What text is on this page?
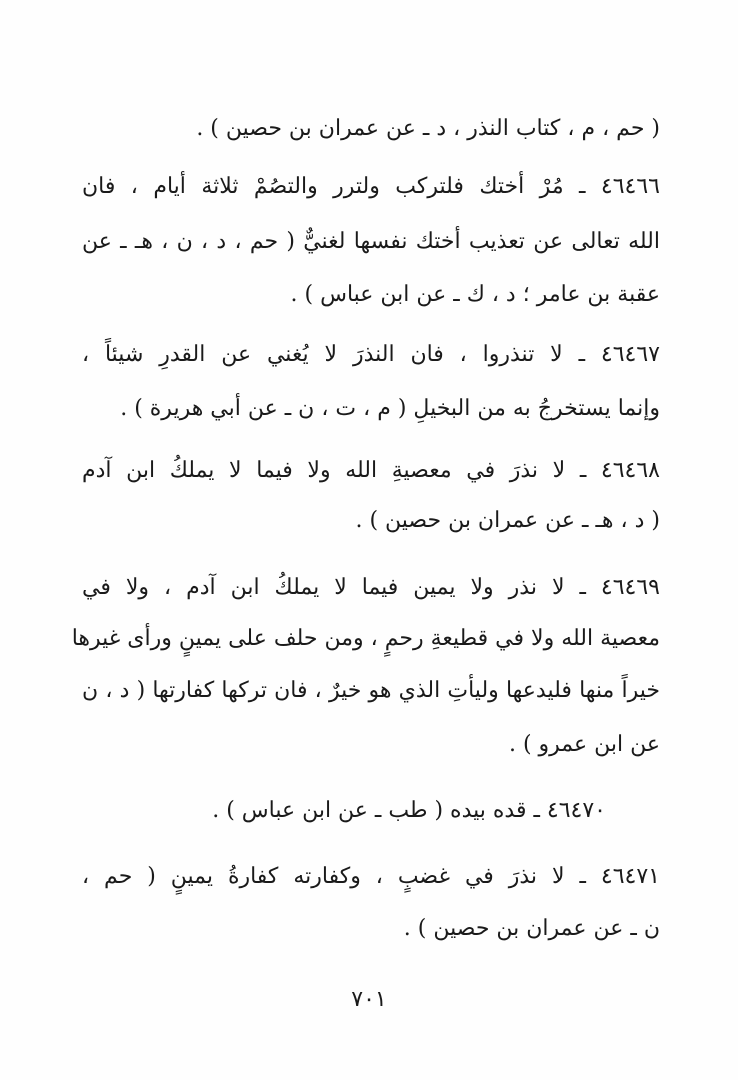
( حم ، م ، كتاب النذر ، د ـ عن عمران بن حصين ) .
٤٦٤٦٦ ـ مُرْ أختك فلتركب ولترر والتصُمْ ثلاثة أيام ، فان
الله تعالى عن تعذيب أختك نفسها لغنيٌّ ( حم ، د ، ن ، هـ ـ عن
عقبة بن عامر ؛ د ، ك ـ عن ابن عباس ) .
٤٦٤٦٧ ـ لا تنذروا ، فان النذرَ لا يُغني عن القدرِ شيئاً ،
وإنما يستخرجُ به من البخيلِ ( م ، ت ، ن ـ عن أبي هريرة ) .
٤٦٤٦٨ ـ لا نذرَ في معصيةِ الله ولا فيما لا يملكُ ابن آدم
( د ، هـ ـ عن عمران بن حصين ) .
٤٦٤٦٩ ـ لا نذر ولا يمين فيما لا يملكُ ابن آدم ، ولا في
معصية الله ولا في قطيعةِ رحمٍ ، ومن حلف على يمينٍ ورأى غيرها
خيراً منها فليدعها وليأتِ الذي هو خيرٌ ، فان تركها كفارتها ( د ، ن
عن ابن عمرو ) .
٤٦٤٧٠ ـ قده بيده ( طب ـ عن ابن عباس ) .
٤٦٤٧١ ـ لا نذرَ في غضبٍ ، وكفارته كفارةُ يمينٍ ( حم ،
ن ـ عن عمران بن حصين ) .
٧٠١
